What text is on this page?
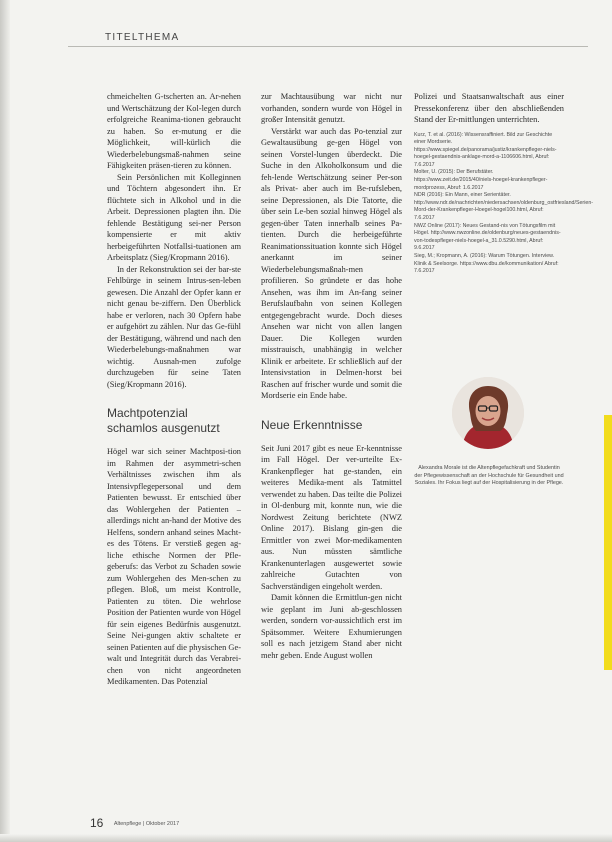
TITELTHEMA

chmeichelten G-tscherten an. Ar-nehen und Wertschätzung der Kol-legen durch erfolgreiche Reanima-tionen gebraucht zu haben. So er-mutung er die Möglichkeit, will-kürlich die Wiederbelebungsmaß-nahmen seine Fähigkeiten präsen-tieren zu können.

Sein Persönlichen mit Kolleginnen und Töchtern abgesondert ihn. Er flüchtete sich in Alkohol und in die Arbeit. Depressionen plagten ihn. Die fehlende Bestätigung sei-ner Person kompensierte er mit aktiv herbeigeführten Notfallsi-tuationen am Arbeitsplatz (Sieg/Kropmann 2016).

In der Rekonstruktion sei der bar-ste Fehlbürge in seinem Intrus-sen-leben gewesen. Die Anzahl der Opfer kann er nicht genau be-ziffern. Den Überblick habe er verloren, nach 30 Opfern habe er aufgehört zu zählen. Nur das Ge-fühl der Bestätigung, während und nach den Wiederbelebungs-maßnahmen war wichtig. Ausnah-men zufolge durchzugeben für seine Taten (Sieg/Kropmann 2016).

Machtpotenzial schamlos ausgenutzt

Högel war sich seiner Machtposi-tion im Rahmen der asymmetri-schen Verhältnisses zwischen ihm als Intensivpflegepersonal und dem Patienten bewusst. Er entschied über das Wohlergehen der Patienten – allerdings nicht an-hand der Motive des Helfens, sondern anhand seines Macht-es des Tötens. Er verstieß gegen ag-liche ethische Normen der Pfle-geberufs: das Verbot zu Schaden sowie zum Wohlergehen des Men-schen zu pflegen. Bloß, um meist Kontrolle, Patienten zu töten. Die wehrlose Position der Patienten wurde von Högel für sein eigenes Bedürfnis ausgenutzt. Seine Nei-gungen aktiv schaltete er seinen Patienten auf die physischen Ge-walt und Integrität durch das Verabrei-chen von nicht angeordneten Medikamenten. Das Potenzial

zur Machtausübung war nicht nur vorhanden, sondern wurde von Högel in großer Intensität genutzt.

Verstärkt war auch das Po-tenzial zur Gewaltausübung ge-gen Högel von seinen Vorstel-lungen überdeckt. Die Suche in den Alkoholkonsum und die feh-lende Wertschätzung seiner Per-son als Privat- aber auch im Be-rufsleben, seine Depressionen, als Die Tatorte, die über sein Le-ben sozial hinweg Högel als gegen-über Taten innerhalb seines Pa-tienten. Durch die herbeigeführte Reanimationssituation konnte sich Högel anerkannt im seiner Wiederbelebungsmaßnah-men profilieren. So gründete er das hohe Ansehen, was ihm im An-fang seiner Berufslaufbahn von seinen Kollegen entgegengebracht wurde. Doch dieses Ansehen war nicht von allen langen Dauer. Die Kollegen wurden misstrauisch, unabhängig in welcher Klinik er arbeitete. Er schließlich auf der Intensivstation in Delmen-horst bei Raschen auf frischer wurde und somit die Mordserie ein Ende habe.

Neue Erkenntnisse

Seit Juni 2017 gibt es neue Er-kenntnisse im Fall Högel. Der ver-urteilte Ex-Krankenpfleger hat ge-standen, ein weiteres Medika-ment als Tatmittel verwendet zu haben. Das teilte die Polizei in Ol-denburg mit, konnte nun, wie die Nordwest Zeitung berichtete (NWZ Online 2017). Bislang gin-gen die Ermittler von zwei Mor-medikamenten aus. Nun müssten sämtliche Krankenunterlagen ausgewertet sowie zahlreiche Gutachten von Sachverständigen eingeholt werden.

Damit können die Ermittlun-gen nicht wie geplant im Juni ab-geschlossen werden, sondern vor-aussichtlich erst im Spätsommer. Weitere Exhumierungen soll es nach jetzigem Stand aber nicht mehr geben. Ende August wollen

Polizei und Staatsanwaltschaft aus einer Pressekonferenz über den abschließenden Stand der Er-mittlungen unterrichten.

Kurz, T. et al. (2016): Wissensraffiniert. Bild zur Geschichte einer Mordserie. https://www.spiegel.de/panorama/justiz/krankenpfleger-niels-hoegel-gestaendnis-anklage-mord-a-1106606.html, Abruf: 7.6.2017

Molter, U. (2015): Der Berufstäter. https://www.zeit.de/2015/40/niels-hoegel-krankenpfleger-mordprozess, Abruf: 1.6.2017

NDR (2016): Ein Mann, einer Serientäter. http://www.ndr.de/nachrichten/niedersachsen/oldenburg_ostfriesland/Serien-Mord-der-Krankenpfleger-Hoegel-hogel100.html, Abruf: 7.6.2017

NWZ Online (2017): Neues Gestand-nis von Tötungsfilm mit Högel. http://www.nwzonline.de/oldenburg/neues-gestaendnis-von-todespfleger-niels-hoegel-a_31.0.5290.html, Abruf: 9.6.2017

Sieg, M.; Kropmann, A. (2016): Warum Tötungen. Interview. Klinik & Seelsorge. https://www.dbu.de/kommunikation/ Abruf: 7.6.2017

Alexandra Morale ist die Altenpflegefachkraft und Studentin der Pflegewissenschaft an der Hochschule für Gesundheit und Soziales. Ihr Fokus liegt auf der Hospitalisierung in der Pflege.
16 Altenpflege | Oktober 2017
